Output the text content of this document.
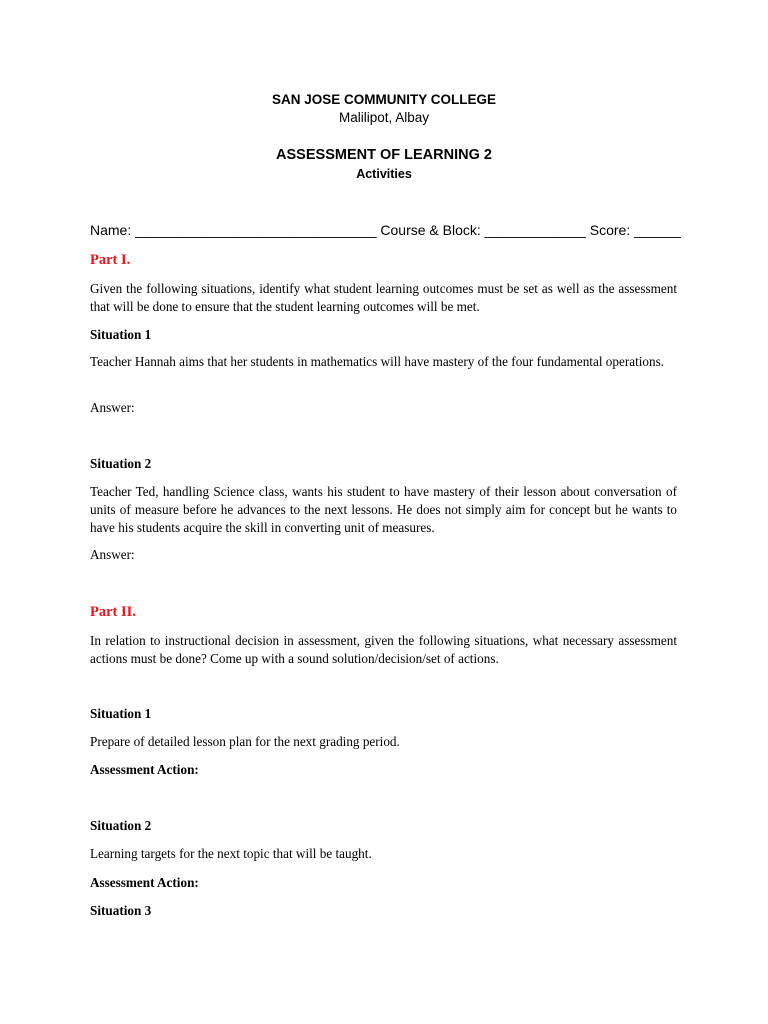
SAN JOSE COMMUNITY COLLEGE
Malilipot, Albay
ASSESSMENT OF LEARNING 2
Activities
Name: _______________________________ Course & Block: _____________ Score: ______
Part I.
Given the following situations, identify what student learning outcomes must be set as well as the assessment that will be done to ensure that the student learning outcomes will be met.
Situation 1
Teacher Hannah aims that her students in mathematics will have mastery of the four fundamental operations.
Answer:
Situation 2
Teacher Ted, handling Science class, wants his student to have mastery of their lesson about conversation of units of measure before he advances to the next lessons. He does not simply aim for concept but he wants to have his students acquire the skill in converting unit of measures.
Answer:
Part II.
In relation to instructional decision in assessment, given the following situations, what necessary assessment actions must be done? Come up with a sound solution/decision/set of actions.
Situation 1
Prepare of detailed lesson plan for the next grading period.
Assessment Action:
Situation 2
Learning targets for the next topic that will be taught.
Assessment Action:
Situation 3
